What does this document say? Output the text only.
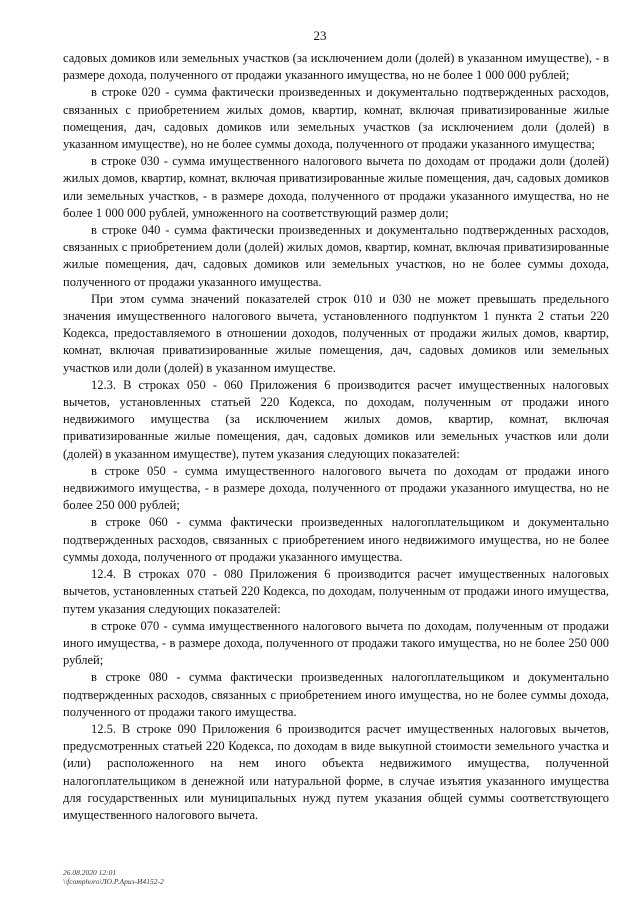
23

садовых домиков или земельных участков (за исключением доли (долей) в указанном имуществе), - в размере дохода, полученного от продажи указанного имущества, но не более 1 000 000 рублей;

в строке 020 - сумма фактически произведенных и документально подтвержденных расходов, связанных с приобретением жилых домов, квартир, комнат, включая приватизированные жилые помещения, дач, садовых домиков или земельных участков (за исключением доли (долей) в указанном имуществе), но не более суммы дохода, полученного от продажи указанного имущества;

в строке 030 - сумма имущественного налогового вычета по доходам от продажи доли (долей) жилых домов, квартир, комнат, включая приватизированные жилые помещения, дач, садовых домиков или земельных участков, - в размере дохода, полученного от продажи указанного имущества, но не более 1 000 000 рублей, умноженного на соответствующий размер доли;

в строке 040 - сумма фактически произведенных и документально подтвержденных расходов, связанных с приобретением доли (долей) жилых домов, квартир, комнат, включая приватизированные жилые помещения, дач, садовых домиков или земельных участков, но не более суммы дохода, полученного от продажи указанного имущества.

При этом сумма значений показателей строк 010 и 030 не может превышать предельного значения имущественного налогового вычета, установленного подпунктом 1 пункта 2 статьи 220 Кодекса, предоставляемого в отношении доходов, полученных от продажи жилых домов, квартир, комнат, включая приватизированные жилые помещения, дач, садовых домиков или земельных участков или доли (долей) в указанном имуществе.

12.3. В строках 050 - 060 Приложения 6 производится расчет имущественных налоговых вычетов, установленных статьей 220 Кодекса, по доходам, полученным от продажи иного недвижимого имущества (за исключением жилых домов, квартир, комнат, включая приватизированные жилые помещения, дач, садовых домиков или земельных участков или доли (долей) в указанном имуществе), путем указания следующих показателей:

в строке 050 - сумма имущественного налогового вычета по доходам от продажи иного недвижимого имущества, - в размере дохода, полученного от продажи указанного имущества, но не более 250 000 рублей;

в строке 060 - сумма фактически произведенных налогоплательщиком и документально подтвержденных расходов, связанных с приобретением иного недвижимого имущества, но не более суммы дохода, полученного от продажи указанного имущества.

12.4. В строках 070 - 080 Приложения 6 производится расчет имущественных налоговых вычетов, установленных статьей 220 Кодекса, по доходам, полученным от продажи иного имущества, путем указания следующих показателей:

в строке 070 - сумма имущественного налогового вычета по доходам, полученным от продажи иного имущества, - в размере дохода, полученного от продажи такого имущества, но не более 250 000 рублей;

в строке 080 - сумма фактически произведенных налогоплательщиком и документально подтвержденных расходов, связанных с приобретением иного имущества, но не более суммы дохода, полученного от продажи такого имущества.

12.5. В строке 090 Приложения 6 производится расчет имущественных налоговых вычетов, предусмотренных статьей 220 Кодекса, по доходам в виде выкупной стоимости земельного участка и (или) расположенного на нем иного объекта недвижимого имущества, полученной налогоплательщиком в денежной или натуральной форме, в случае изъятия указанного имущества для государственных или муниципальных нужд путем указания общей суммы соответствующего имущественного налогового вычета.

26.08.2020 12:01
\\fcomphoro\ЛО.Р.Ариз-И4152-2
